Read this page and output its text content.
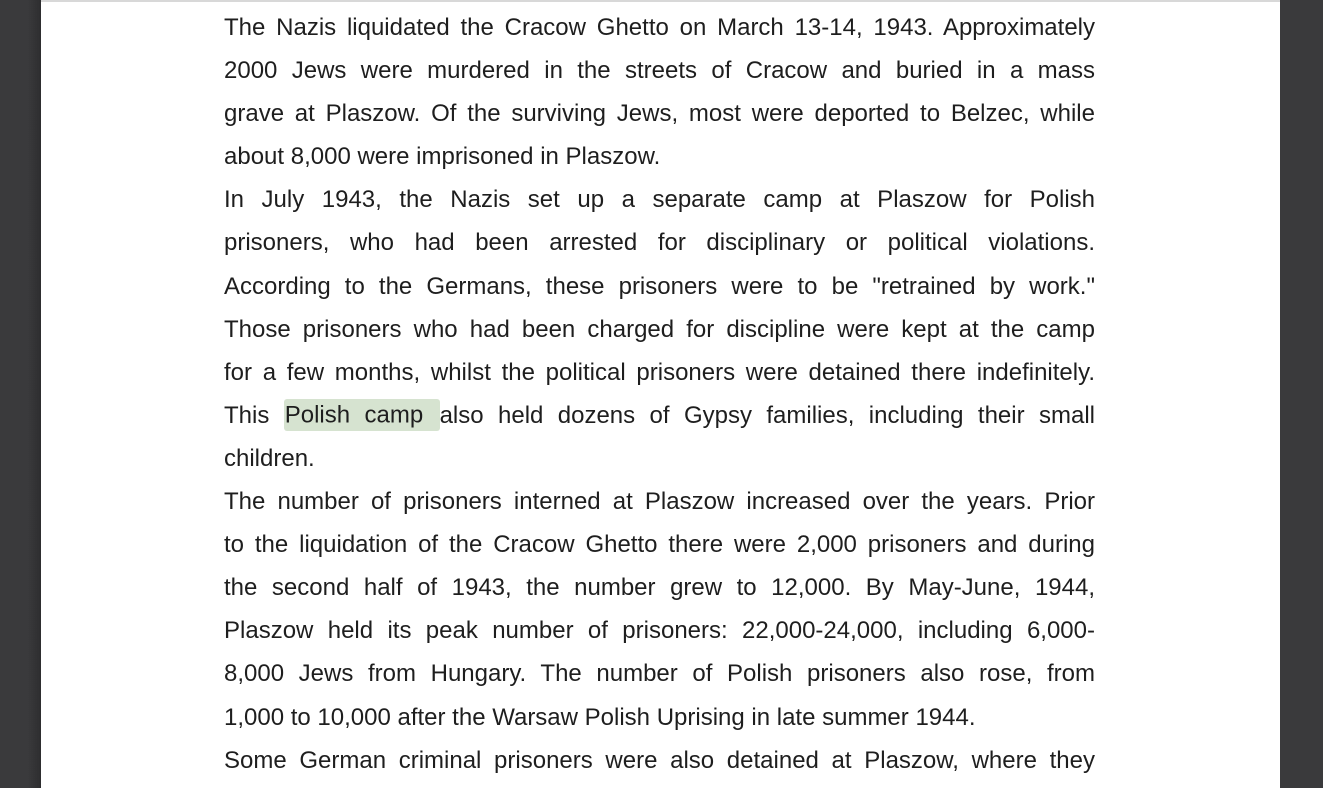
The Nazis liquidated the Cracow Ghetto on March 13-14, 1943. Approximately
2000 Jews were murdered in the streets of Cracow and buried in a mass
grave at Plaszow. Of the surviving Jews, most were deported to Belzec, while
about 8,000 were imprisoned in Plaszow.
In July 1943, the Nazis set up a separate camp at Plaszow for Polish
prisoners, who had been arrested for disciplinary or political violations.
According to the Germans, these prisoners were to be "retrained by work."
Those prisoners who had been charged for discipline were kept at the camp
for a few months, whilst the political prisoners were detained there indefinitely.
This Polish camp also held dozens of Gypsy families, including their small
children.
The number of prisoners interned at Plaszow increased over the years. Prior
to the liquidation of the Cracow Ghetto there were 2,000 prisoners and during
the second half of 1943, the number grew to 12,000. By May-June, 1944,
Plaszow held its peak number of prisoners: 22,000-24,000, including 6,000-
8,000 Jews from Hungary. The number of Polish prisoners also rose, from
1,000 to 10,000 after the Warsaw Polish Uprising in late summer 1944.
Some German criminal prisoners were also detained at Plaszow, where they
